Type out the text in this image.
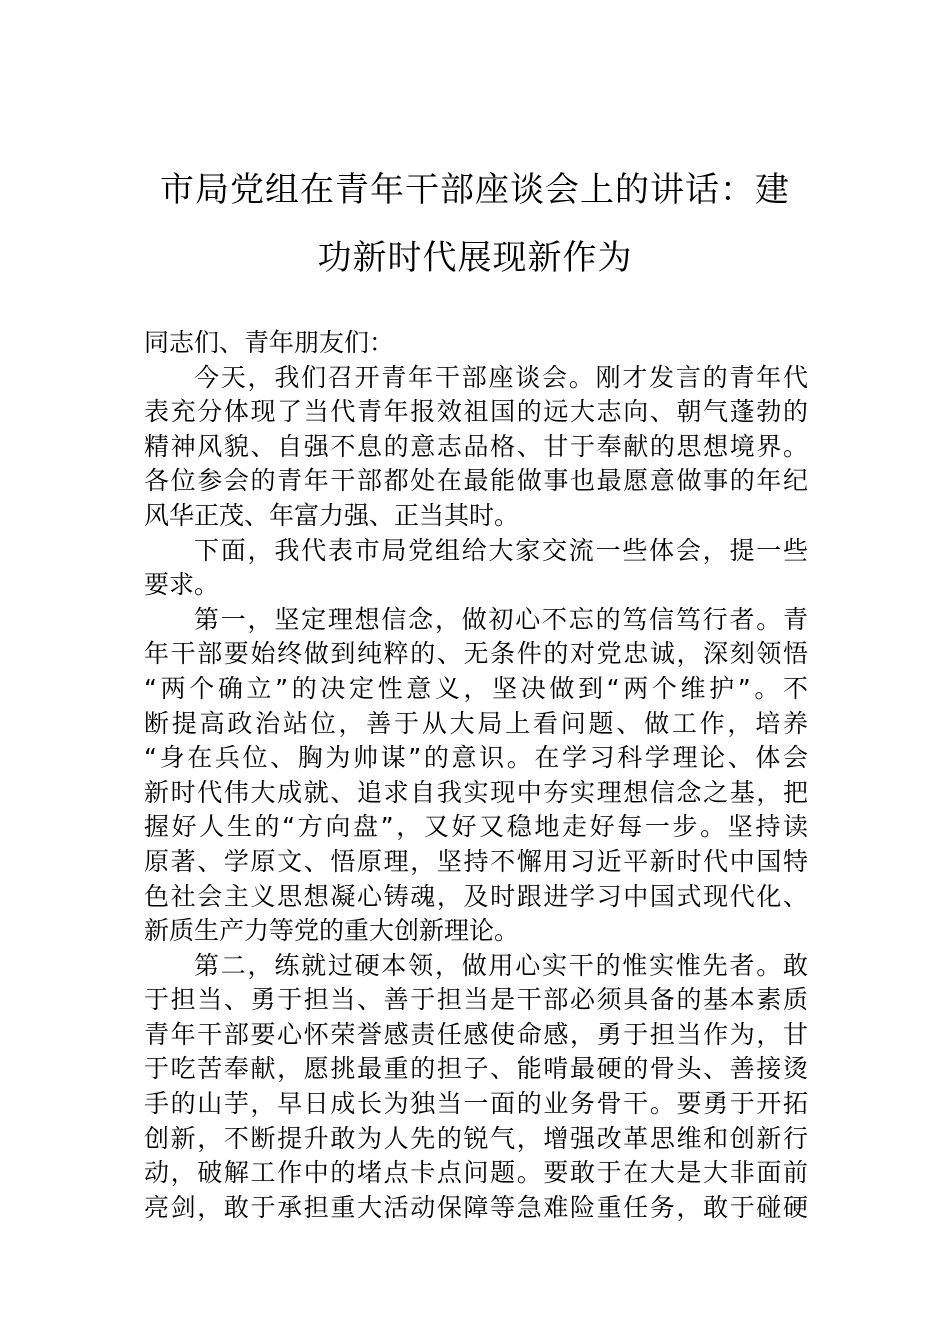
市局党组在青年干部座谈会上的讲话：建
功新时代展现新作为
同志们、青年朋友们：
今天，我们召开青年干部座谈会。刚才发言的青年代
表充分体现了当代青年报效祖国的远大志向、朝气蓬勃的
精神风貌、自强不息的意志品格、甘于奉献的思想境界。
各位参会的青年干部都处在最能做事也最愿意做事的年纪
风华正茂、年富力强、正当其时。
下面，我代表市局党组给大家交流一些体会，提一些
要求。
第一，坚定理想信念，做初心不忘的笃信笃行者。青
年干部要始终做到纯粹的、无条件的对党忠诚，深刻领悟
“两个确立”的决定性意义，坚决做到“两个维护”。不
断提高政治站位，善于从大局上看问题、做工作，培养
“身在兵位、胸为帅谋”的意识。在学习科学理论、体会
新时代伟大成就、追求自我实现中夯实理想信念之基，把
握好人生的“方向盘”，又好又稳地走好每一步。坚持读
原著、学原文、悟原理，坚持不懈用习近平新时代中国特
色社会主义思想凝心铸魂，及时跟进学习中国式现代化、
新质生产力等党的重大创新理论。
第二，练就过硬本领，做用心实干的惟实惟先者。敢
于担当、勇于担当、善于担当是干部必须具备的基本素质
青年干部要心怀荣誉感责任感使命感，勇于担当作为，甘
于吃苦奉献，愿挑最重的担子、能啃最硬的骨头、善接烫
手的山芋，早日成长为独当一面的业务骨干。要勇于开拓
创新，不断提升敢为人先的锐气，增强改革思维和创新行
动，破解工作中的堵点卡点问题。要敢于在大是大非面前
亮剑，敢于承担重大活动保障等急难险重任务，敢于碰硬
